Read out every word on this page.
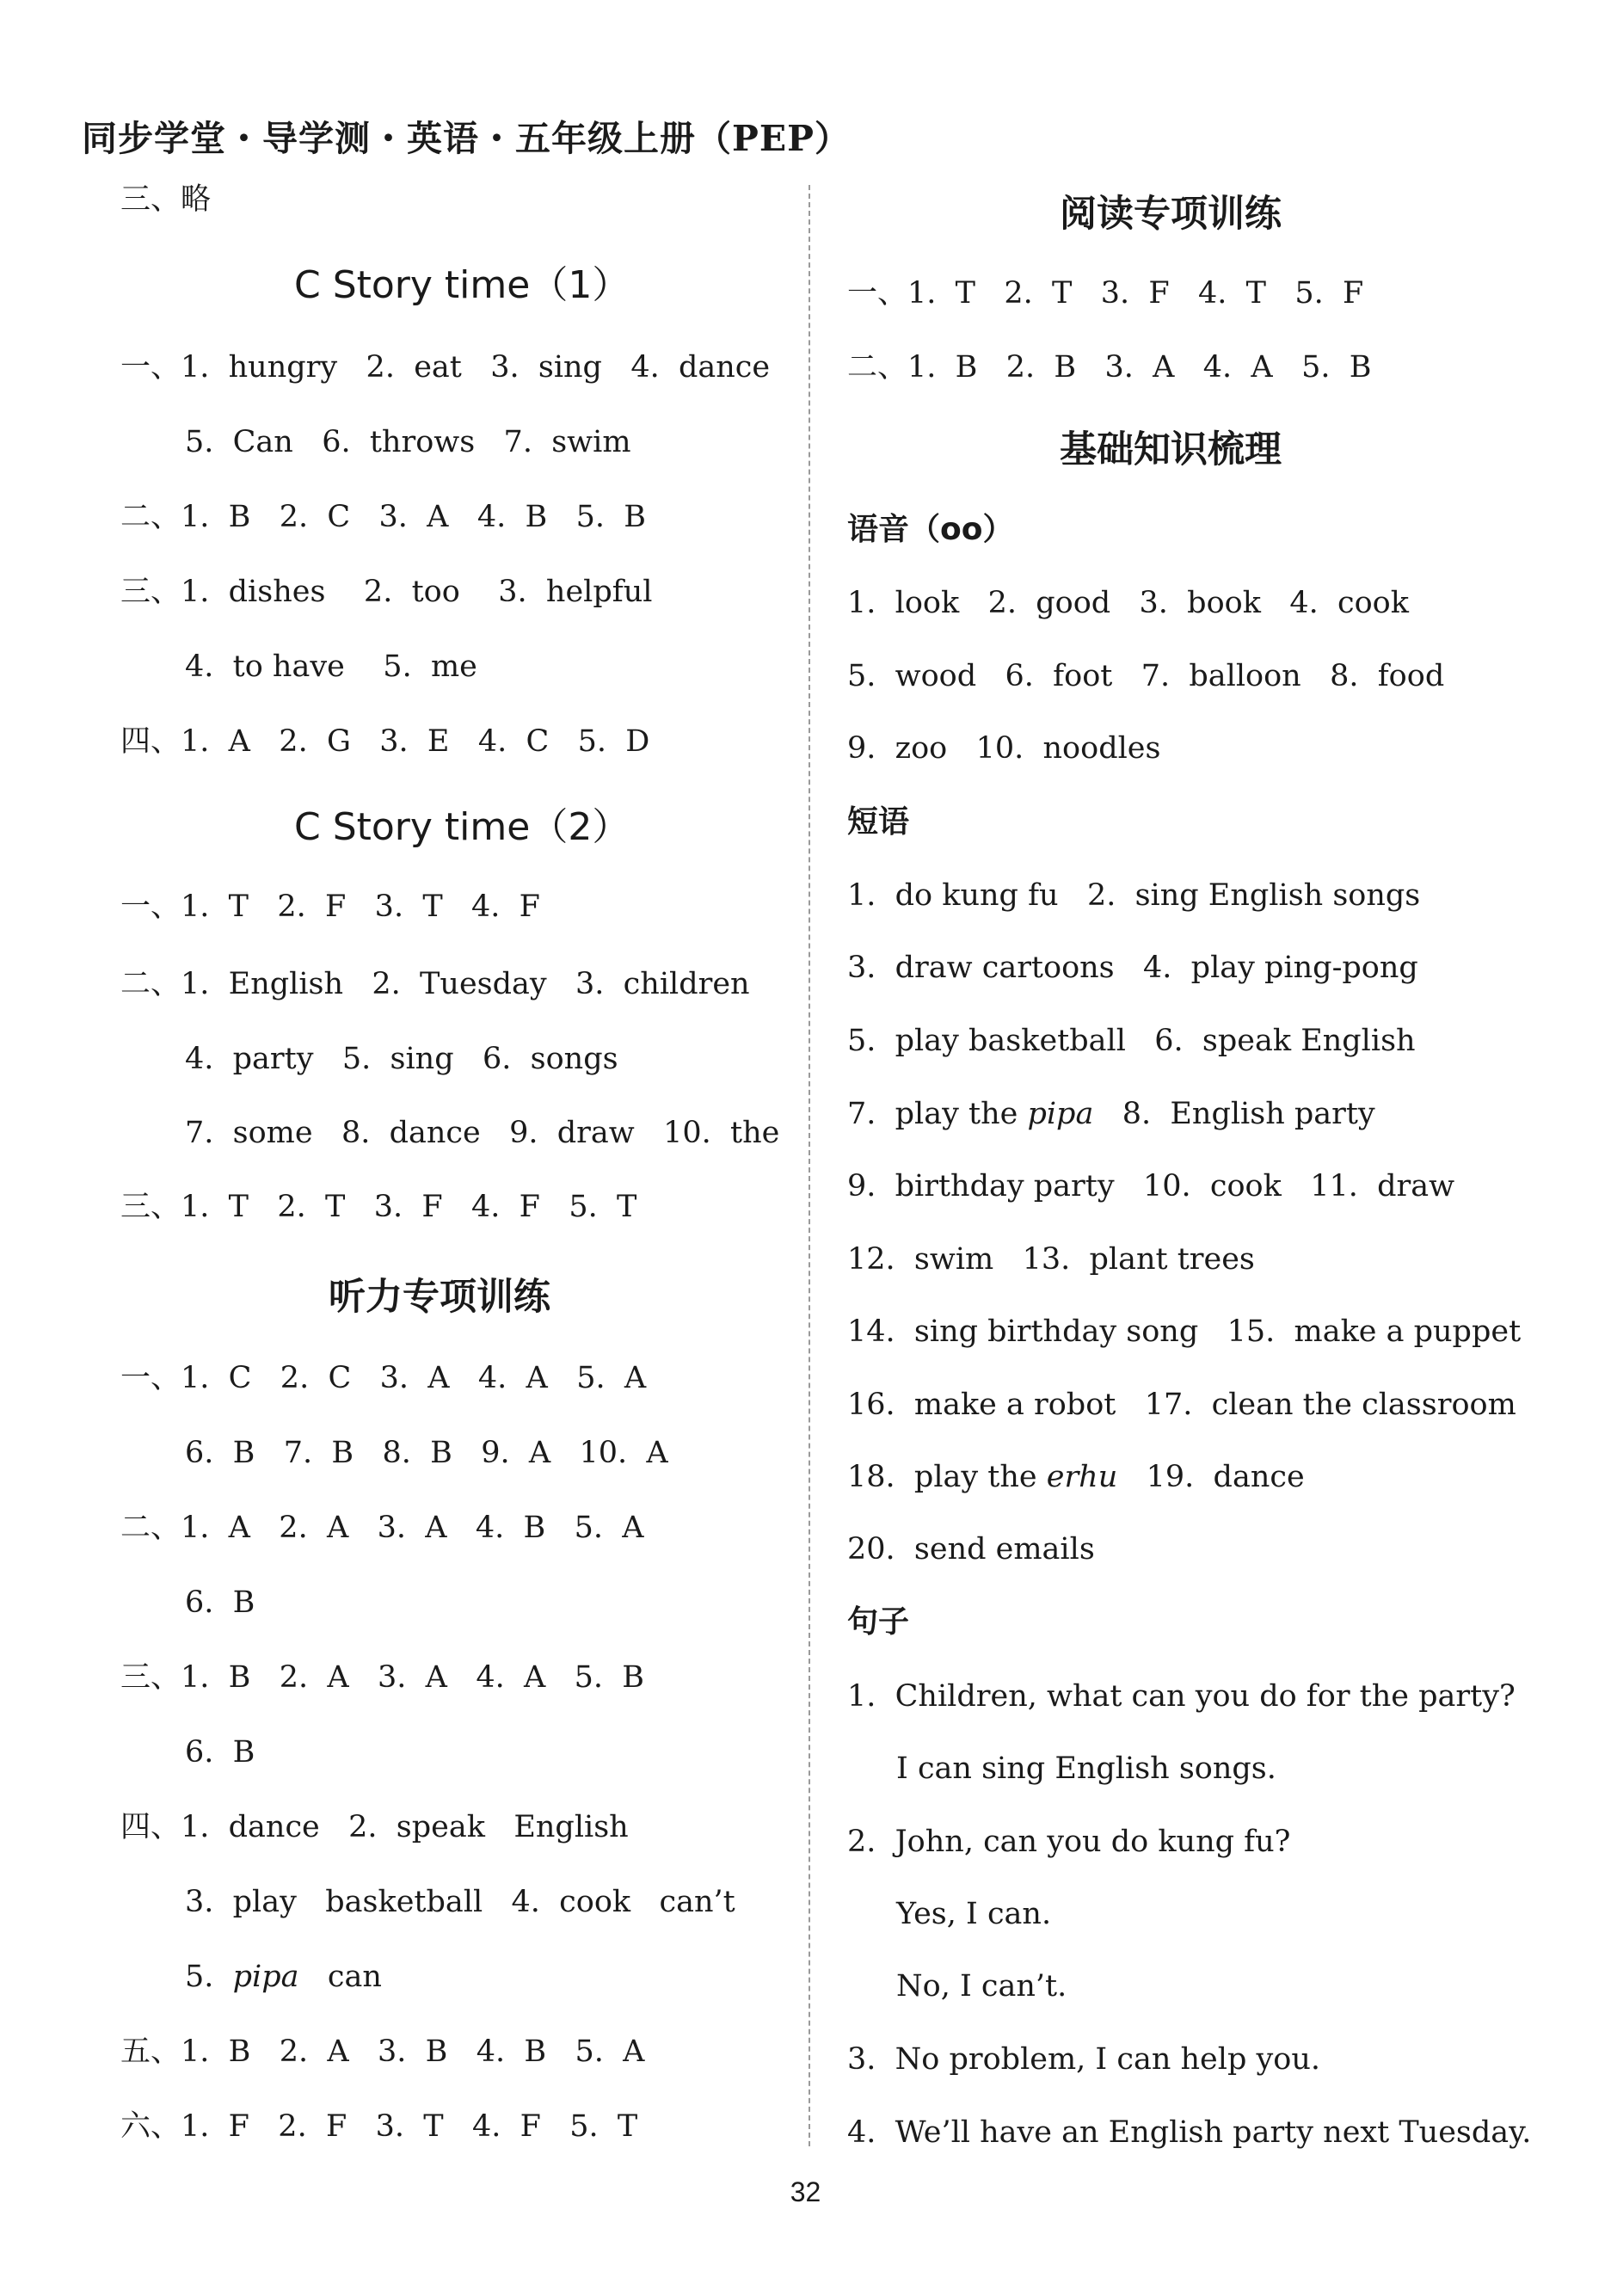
同步学堂・导学测・英语・五年级上册（PEP）
三、略
C Story time（1）
一、1.  hungry   2.  eat   3.  sing   4.  dance
5.  Can   6.  throws   7.  swim
二、1.  B   2.  C   3.  A   4.  B   5.  B
三、1.  dishes    2.  too    3.  helpful
4.  to have    5.  me
四、1.  A   2.  G   3.  E   4.  C   5.  D
C Story time（2）
一、1.  T   2.  F   3.  T   4.  F
二、1.  English   2.  Tuesday   3.  children
4.  party   5.  sing   6.  songs
7.  some   8.  dance   9.  draw   10.  the
三、1.  T   2.  T   3.  F   4.  F   5.  T
听力专项训练
一、1.  C   2.  C   3.  A   4.  A   5.  A
6.  B   7.  B   8.  B   9.  A   10.  A
二、1.  A   2.  A   3.  A   4.  B   5.  A
6.  B
三、1.  B   2.  A   3.  A   4.  A   5.  B
6.  B
四、1.  dance   2.  speak   English
3.  play   basketball   4.  cook   can’t
5.  pipa   can
五、1.  B   2.  A   3.  B   4.  B   5.  A
六、1.  F   2.  F   3.  T   4.  F   5.  T
阅读专项训练
一、1.  T   2.  T   3.  F   4.  T   5.  F
二、1.  B   2.  B   3.  A   4.  A   5.  B
基础知识梳理
语音（oo）
1.  look   2.  good   3.  book   4.  cook
5.  wood   6.  foot   7.  balloon   8.  food
9.  zoo   10.  noodles
短语
1.  do kung fu   2.  sing English songs
3.  draw cartoons   4.  play ping-pong
5.  play basketball   6.  speak English
7.  play the pipa   8.  English party
9.  birthday party   10.  cook   11.  draw
12.  swim   13.  plant trees
14.  sing birthday song   15.  make a puppet
16.  make a robot   17.  clean the classroom
18.  play the erhu   19.  dance
20.  send emails
句子
1.  Children, what can you do for the party?
I can sing English songs.
2.  John, can you do kung fu?
Yes, I can.
No, I can’t.
3.  No problem, I can help you.
4.  We’ll have an English party next Tuesday.
32
